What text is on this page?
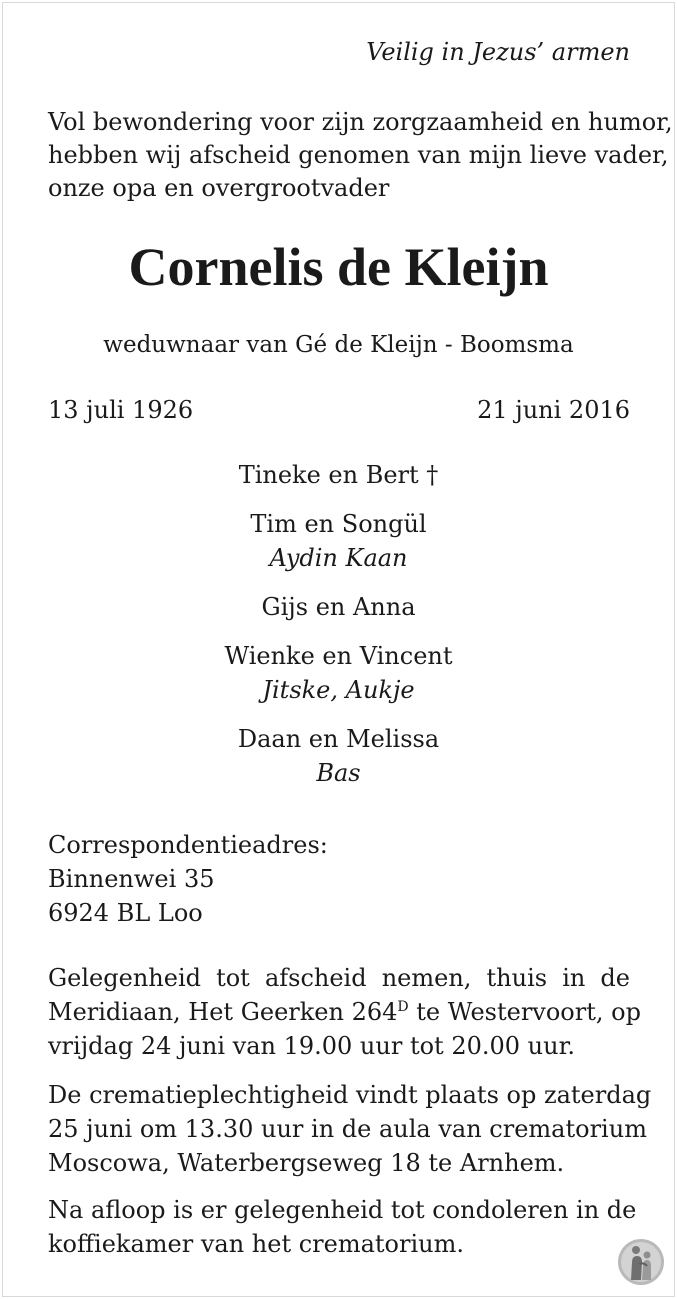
Veilig in Jezus’ armen
Vol bewondering voor zijn zorgzaamheid en humor,
hebben wij afscheid genomen van mijn lieve vader,
onze opa en overgrootvader
Cornelis de Kleijn
weduwnaar van Gé de Kleijn - Boomsma
13 juli 1926	21 juni 2016
Tineke en Bert †
Tim en Songül
Aydin Kaan
Gijs en Anna
Wienke en Vincent
Jitske, Aukje
Daan en Melissa
Bas
Correspondentieadres:
Binnenwei 35
6924 BL Loo
Gelegenheid tot afscheid nemen, thuis in de
Meridiaan, Het Geerken $264^D$ te Westervoort, op
vrijdag 24 juni van 19.00 uur tot 20.00 uur.
De crematieplechtigheid vindt plaats op zaterdag
25 juni om 13.30 uur in de aula van crematorium
Moscowa, Waterbergseweg 18 te Arnhem.
Na afloop is er gelegenheid tot condoleren in de
koffiekamer van het crematorium.
